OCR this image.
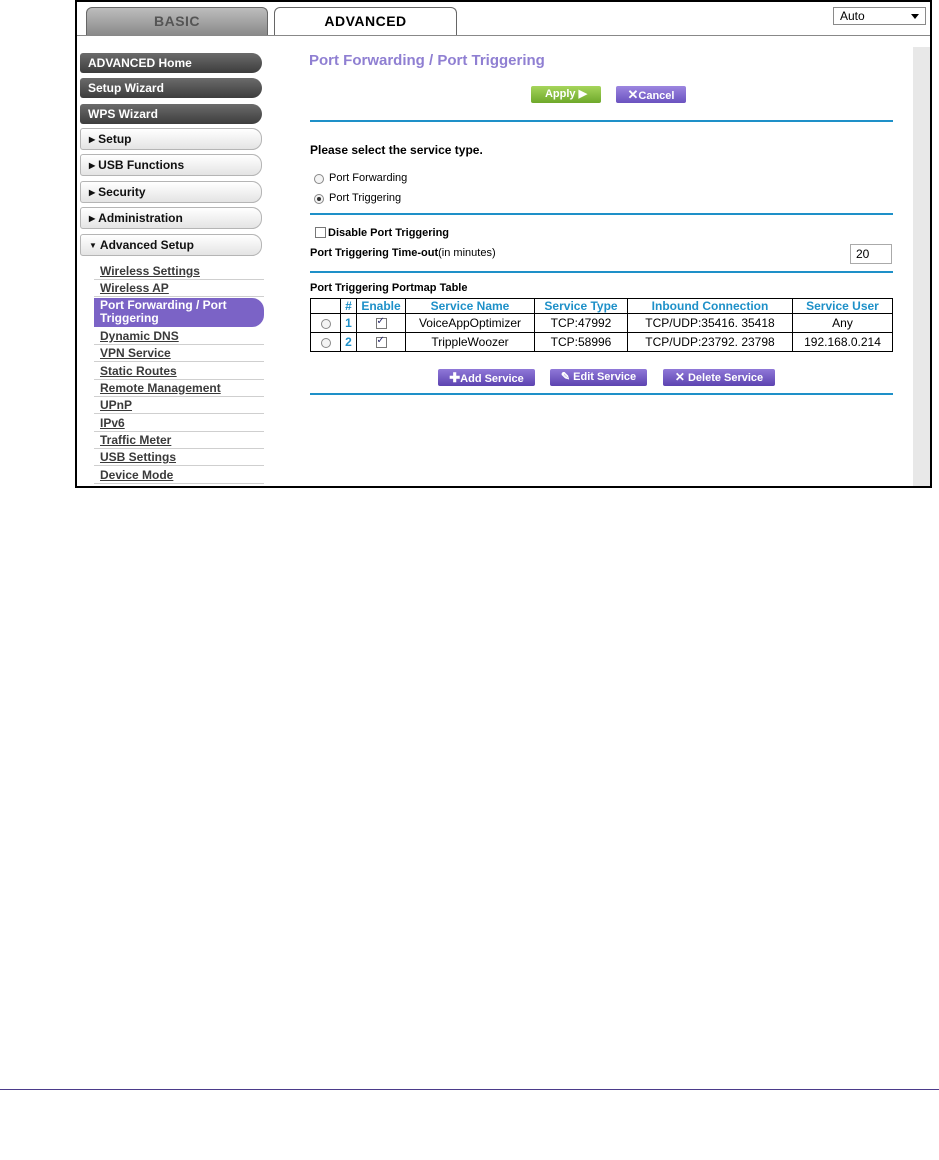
BASIC	ADVANCED	Auto
ADVANCED Home
Setup Wizard
WPS Wizard
▶ Setup
▶ USB Functions
▶ Security
▶ Administration
▼ Advanced Setup
Wireless Settings
Wireless AP
Port Forwarding / Port Triggering
Dynamic DNS
VPN Service
Static Routes
Remote Management
UPnP
IPv6
Traffic Meter
USB Settings
Device Mode
Port Forwarding / Port Triggering
Apply ▶	✕Cancel
Please select the service type.
Port Forwarding
Port Triggering
Disable Port Triggering
Port Triggering Time-out(in minutes)	20
Port Triggering Portmap Table
	#	Enable	Service Name	Service Type	Inbound Connection	Service User
	1	✓	VoiceAppOptimizer	TCP:47992	TCP/UDP:35416. 35418	Any
	2	✓	TrippleWoozer	TCP:58996	TCP/UDP:23792. 23798	192.168.0.214
✚Add Service	✎ Edit Service	✕ Delete Service
